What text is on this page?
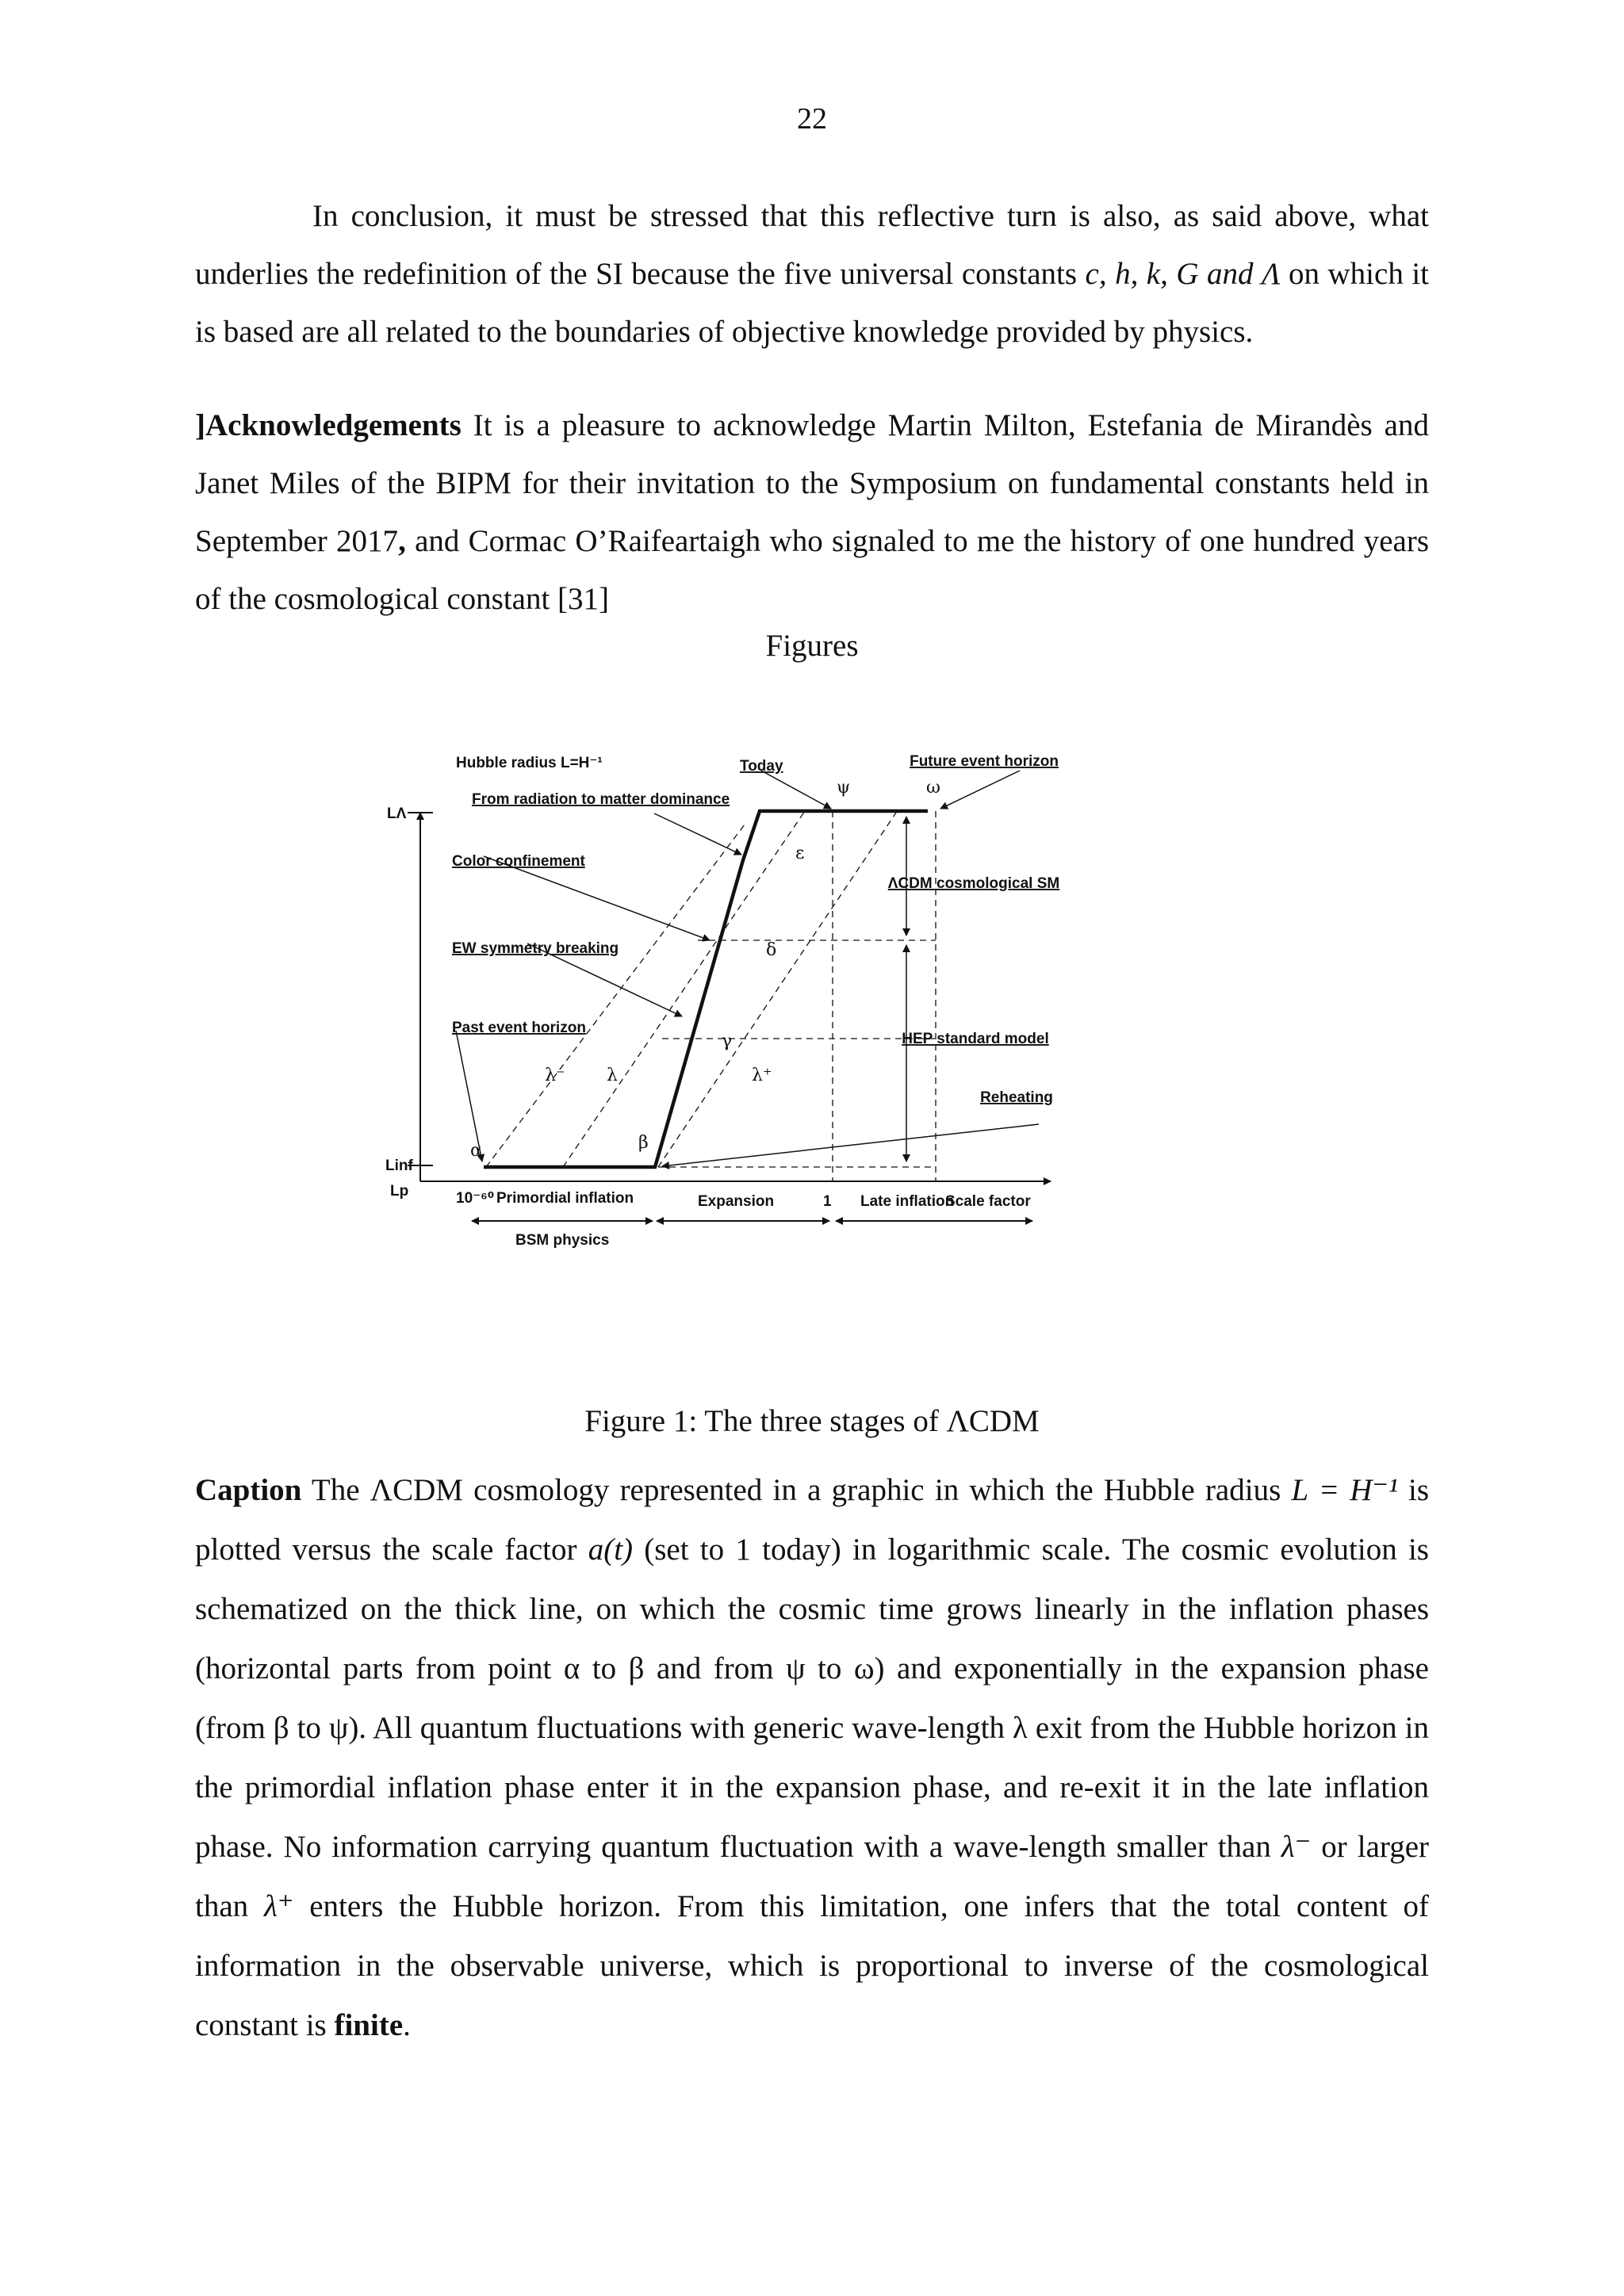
22

In conclusion, it must be stressed that this reflective turn is also, as said above, what underlies the redefinition of the SI because the five universal constants c, h, k, G and Λ on which it is based are all related to the boundaries of objective knowledge provided by physics.

]Acknowledgements It is a pleasure to acknowledge Martin Milton, Estefania de Mirandès and Janet Miles of the BIPM for their invitation to the Symposium on fundamental constants held in September 2017, and Cormac O’Raifeartaigh who signaled to me the history of one hundred years of the cosmological constant [31]

Figures
LΛ
Linf
Lp
Hubble radius L=H⁻¹	Today	Future event horizon
From radiation to matter dominance
Color confinement
ΛCDM cosmological SM
EW symmetry breaking
Past event horizon
HEP standard model
Reheating
α	β
γ
δ
ε
ψ	ω
λ⁻ λ	λ⁺
10⁻⁶⁰ Primordial inflation	Expansion	1 Late inflation
Scale factor
BSM physics
Figure 1: The three stages of ΛCDM

Caption The ΛCDM cosmology represented in a graphic in which the Hubble radius L = H⁻¹ is plotted versus the scale factor a(t) (set to 1 today) in logarithmic scale. The cosmic evolution is schematized on the thick line, on which the cosmic time grows linearly in the inflation phases (horizontal parts from point α to β and from ψ to ω) and exponentially in the expansion phase (from β to ψ). All quantum fluctuations with generic wave-length λ exit from the Hubble horizon in the primordial inflation phase enter it in the expansion phase, and re-exit it in the late inflation phase. No information carrying quantum fluctuation with a wave-length smaller than λ⁻ or larger than λ⁺ enters the Hubble horizon. From this limitation, one infers that the total content of information in the observable universe, which is proportional to inverse of the cosmological constant is finite.
